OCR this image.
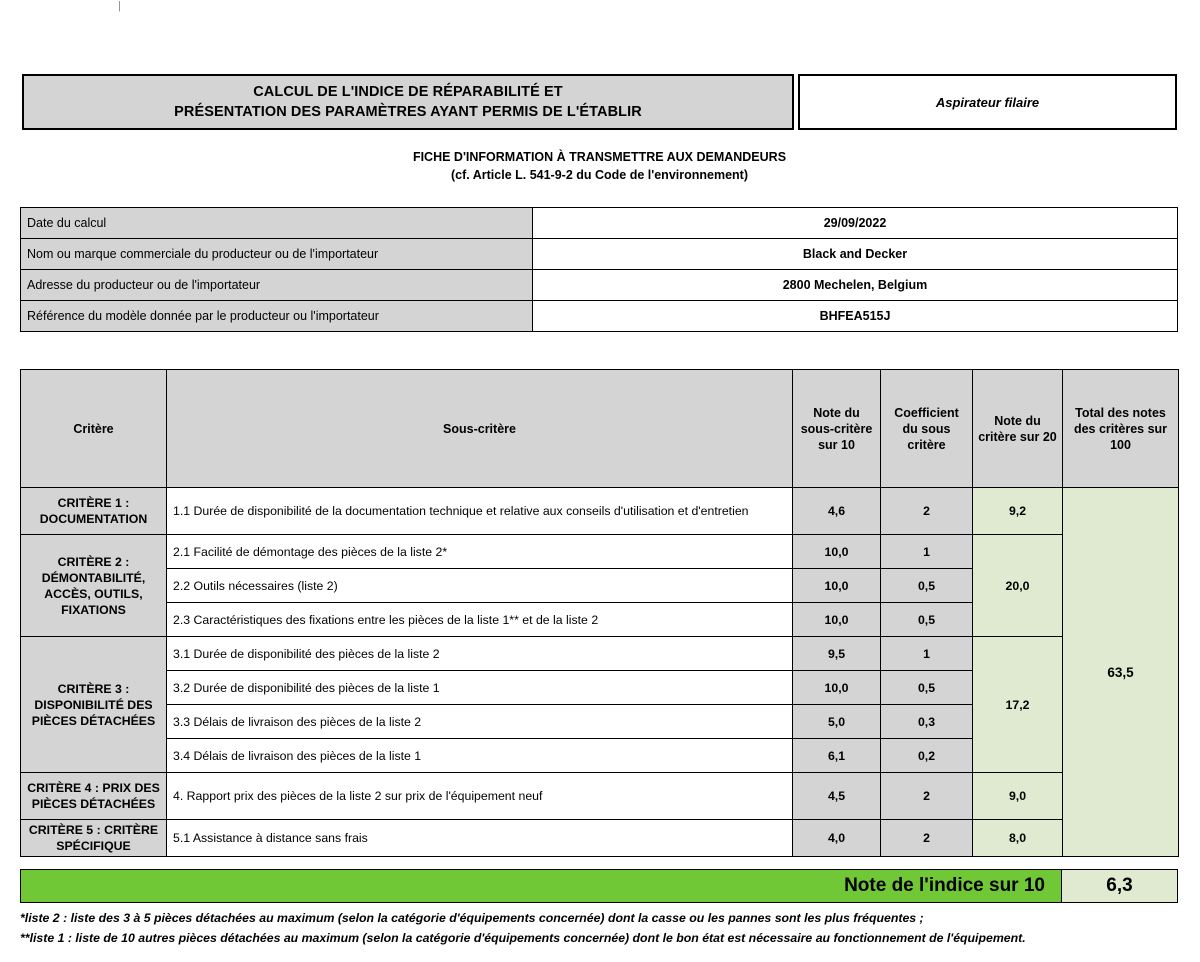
|
CALCUL DE L'INDICE DE RÉPARABILITÉ ET
PRÉSENTATION DES PARAMÈTRES AYANT PERMIS DE L'ÉTABLIR
Aspirateur filaire
FICHE D'INFORMATION À TRANSMETTRE AUX DEMANDEURS
(cf. Article L. 541-9-2 du Code de l'environnement)
Date du calcul	29/09/2022
Nom ou marque commerciale du producteur ou de l'importateur	Black and Decker
Adresse du producteur ou de l'importateur	2800 Mechelen, Belgium
Référence du modèle donnée par le producteur ou l'importateur	BHFEA515J
Critère	Sous-critère	Note du sous-critère sur 10	Coefficient du sous critère	Note du critère sur 20	Total des notes des critères sur 100
CRITÈRE 1 : DOCUMENTATION	1.1 Durée de disponibilité de la documentation technique et relative aux conseils d'utilisation et d'entretien	4,6	2	9,2	63,5
CRITÈRE 2 : DÉMONTABILITÉ, ACCÈS, OUTILS, FIXATIONS	2.1 Facilité de démontage des pièces de la liste 2*	10,0	1	20,0	
	2.2 Outils nécessaires (liste 2)	10,0	0,5		
	2.3 Caractéristiques des fixations entre les pièces de la liste 1** et de la liste 2	10,0	0,5		
CRITÈRE 3 : DISPONIBILITÉ DES PIÈCES DÉTACHÉES	3.1 Durée de disponibilité des pièces de la liste 2	9,5	1	17,2	
	3.2 Durée de disponibilité des pièces de la liste 1	10,0	0,5		
	3.3 Délais de livraison des pièces de la liste 2	5,0	0,3		
	3.4 Délais de livraison des pièces de la liste 1	6,1	0,2		
CRITÈRE 4 : PRIX DES PIÈCES DÉTACHÉES	4. Rapport prix des pièces de la liste 2 sur prix de l'équipement neuf	4,5	2	9,0	
CRITÈRE 5 : CRITÈRE SPÉCIFIQUE	5.1 Assistance à distance sans frais	4,0	2	8,0	
Note de l'indice sur 10	6,3
*liste 2 : liste des 3 à 5 pièces détachées au maximum (selon la catégorie d'équipements concernée) dont la casse ou les pannes sont les plus fréquentes ;
**liste 1 : liste de 10 autres pièces détachées au maximum (selon la catégorie d'équipements concernée) dont le bon état est nécessaire au fonctionnement de l'équipement.
